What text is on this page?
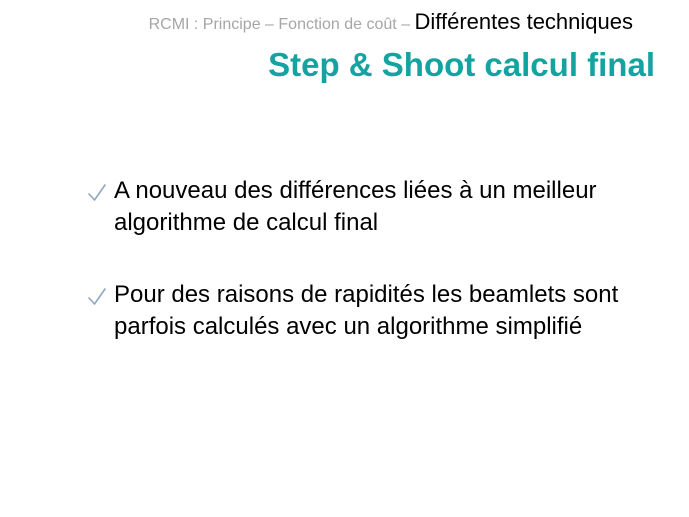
RCMI : Principe – Fonction de coût – Différentes techniques
Step & Shoot calcul final
A nouveau des différences liées à un meilleur algorithme de calcul final
Pour des raisons de rapidités les beamlets sont parfois calculés avec un algorithme simplifié
